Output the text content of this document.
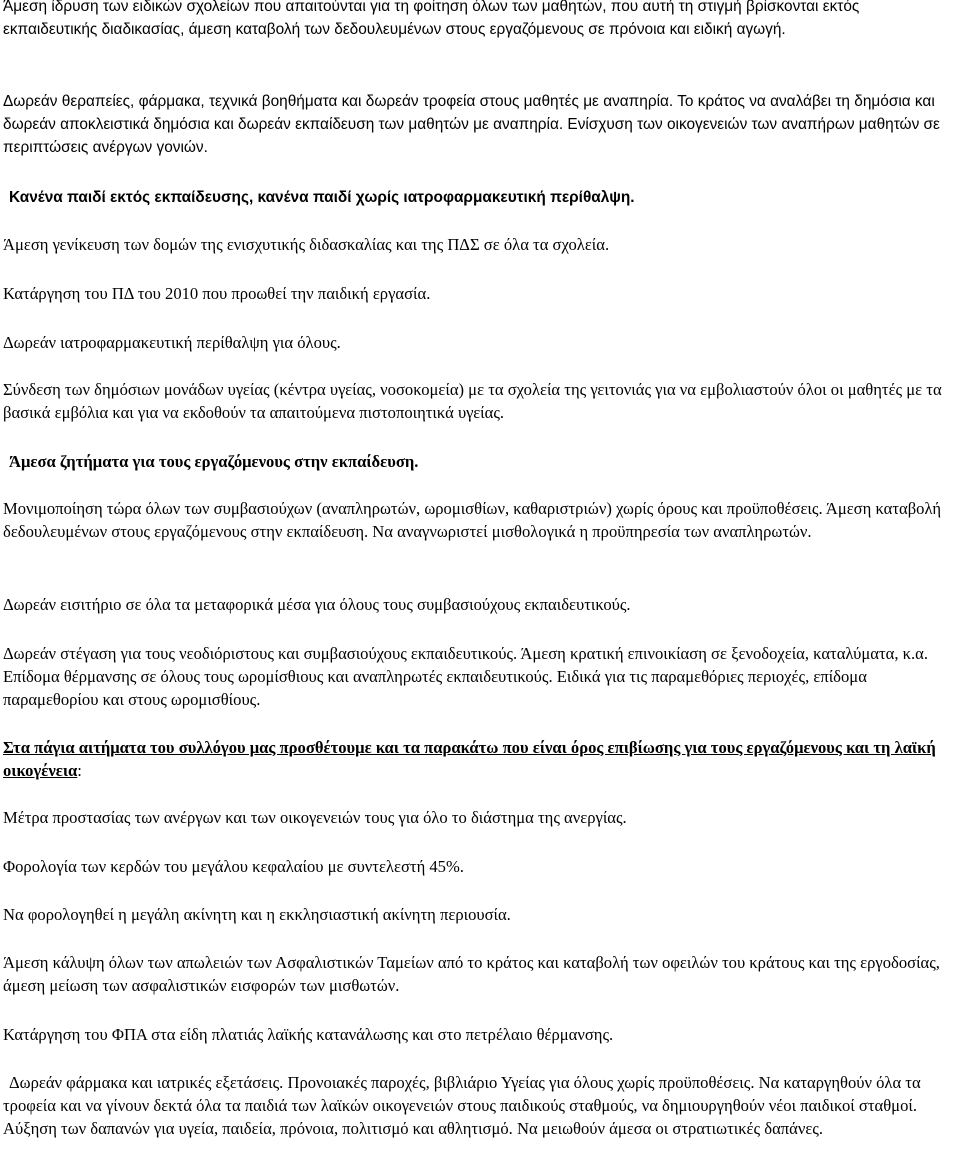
Άμεση ίδρυση των ειδικών σχολείων που απαιτούνται για τη φοίτηση όλων των μαθητών, που αυτή τη στιγμή βρίσκονται εκτός εκπαιδευτικής διαδικασίας, άμεση καταβολή των δεδουλευμένων στους εργαζόμενους σε πρόνοια και ειδική αγωγή.

Δωρεάν θεραπείες, φάρμακα, τεχνικά βοηθήματα και δωρεάν τροφεία στους μαθητές με αναπηρία. Το κράτος να αναλάβει τη δημόσια και δωρεάν αποκλειστικά δημόσια και δωρεάν εκπαίδευση των μαθητών με αναπηρία. Ενίσχυση των οικογενειών των αναπήρων μαθητών σε περιπτώσεις ανέργων γονιών.

Κανένα παιδί εκτός εκπαίδευσης, κανένα παιδί χωρίς ιατροφαρμακευτική περίθαλψη.

Άμεση γενίκευση των δομών της ενισχυτικής διδασκαλίας και της ΠΔΣ σε όλα τα σχολεία.

Κατάργηση του ΠΔ του 2010 που προωθεί την παιδική εργασία.

Δωρεάν ιατροφαρμακευτική περίθαλψη για όλους.

Σύνδεση των δημόσιων μονάδων υγείας (κέντρα υγείας, νοσοκομεία) με τα σχολεία της γειτονιάς για να εμβολιαστούν όλοι οι μαθητές με τα βασικά εμβόλια και για να εκδοθούν τα απαιτούμενα πιστοποιητικά υγείας.

Άμεσα ζητήματα για τους εργαζόμενους στην εκπαίδευση.

Μονιμοποίηση τώρα όλων των συμβασιούχων (αναπληρωτών, ωρομισθίων, καθαριστριών) χωρίς όρους και προϋποθέσεις. Άμεση καταβολή δεδουλευμένων στους εργαζόμενους στην εκπαίδευση. Να αναγνωριστεί μισθολογικά η προϋπηρεσία των αναπληρωτών.

Δωρεάν εισιτήριο σε όλα τα μεταφορικά μέσα για όλους τους συμβασιούχους εκπαιδευτικούς.

Δωρεάν στέγαση για τους νεοδιόριστους και συμβασιούχους εκπαιδευτικούς. Άμεση κρατική επινοικίαση σε ξενοδοχεία, καταλύματα, κ.α. Επίδομα θέρμανσης σε όλους τους ωρομίσθιους και αναπληρωτές εκπαιδευτικούς. Ειδικά για τις παραμεθόριες περιοχές, επίδομα παραμεθορίου και στους ωρομισθίους.

Στα πάγια αιτήματα του συλλόγου μας προσθέτουμε και τα παρακάτω που είναι όρος επιβίωσης για τους εργαζόμενους και τη λαϊκή οικογένεια:

Μέτρα προστασίας των ανέργων και των οικογενειών τους για όλο το διάστημα της ανεργίας.

Φορολογία των κερδών του μεγάλου κεφαλαίου με συντελεστή 45%.

Να φορολογηθεί η μεγάλη ακίνητη και η εκκλησιαστική ακίνητη περιουσία.

Άμεση κάλυψη όλων των απωλειών των Ασφαλιστικών Ταμείων από το κράτος και καταβολή των οφειλών του κράτους και της εργοδοσίας, άμεση μείωση των ασφαλιστικών εισφορών των μισθωτών.

Κατάργηση του ΦΠΑ στα είδη πλατιάς λαϊκής κατανάλωσης και στο πετρέλαιο θέρμανσης.

Δωρεάν φάρμακα και ιατρικές εξετάσεις. Προνοιακές παροχές, βιβλιάριο Υγείας για όλους χωρίς προϋποθέσεις. Να καταργηθούν όλα τα τροφεία και να γίνουν δεκτά όλα τα παιδιά των λαϊκών οικογενειών στους παιδικούς σταθμούς, να δημιουργηθούν νέοι παιδικοί σταθμοί. Αύξηση των δαπανών για υγεία, παιδεία, πρόνοια, πολιτισμό και αθλητισμό. Να μειωθούν άμεσα οι στρατιωτικές δαπάνες.
